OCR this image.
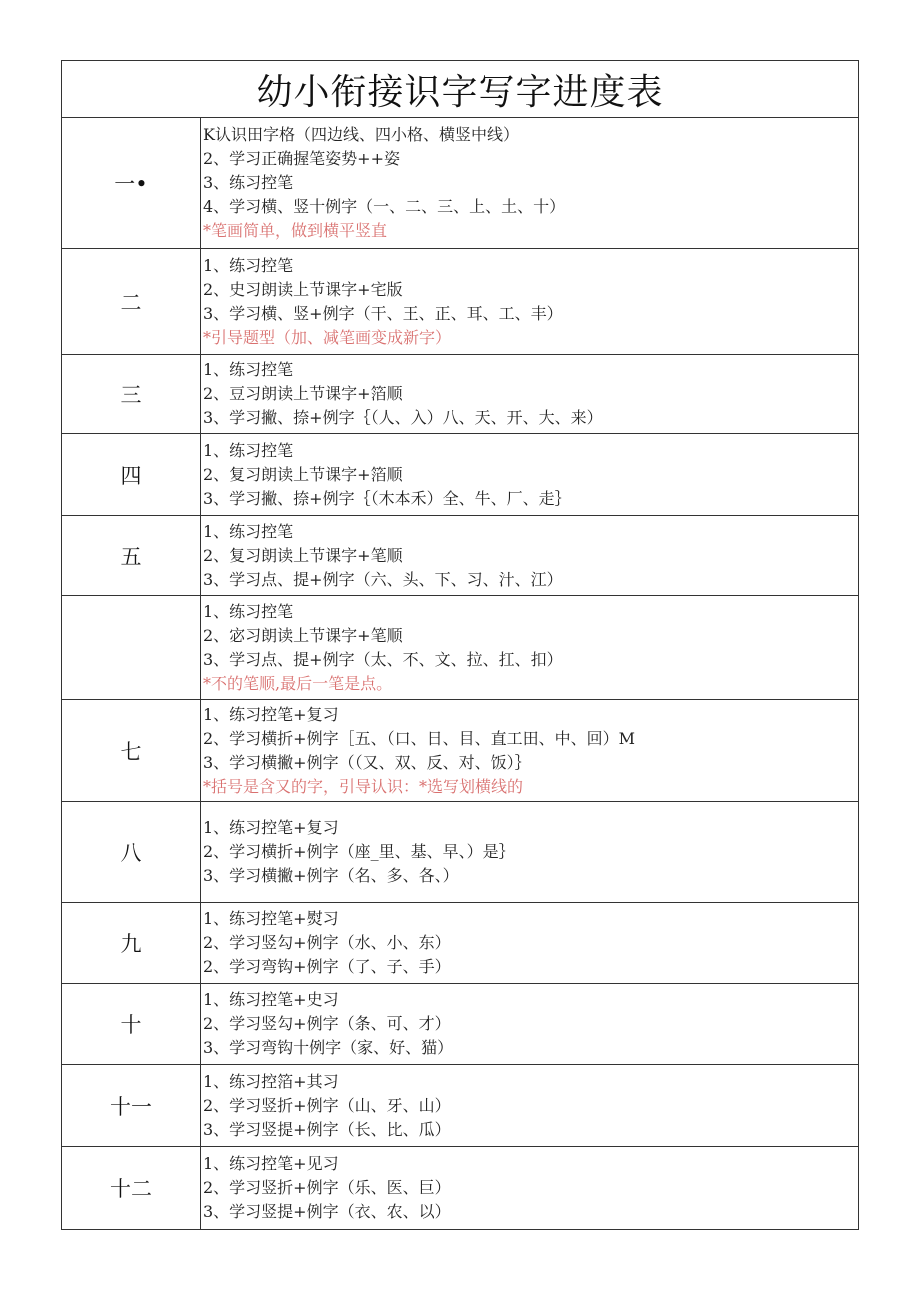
幼小衔接识字写字进度表
一•
K认识田字格（四边线、四小格、横竖中线）
2、学习正确握笔姿势++姿
3、练习控笔
4、学习横、竖十例字（一、二、三、上、土、十）
*笔画简单，做到横平竖直
二
1、练习控笔
2、史习朗读上节课字+宅版
3、学习横、竖+例字（干、王、正、耳、工、丰）
*引导题型（加、减笔画变成新字）
三
1、练习控笔
2、豆习朗读上节课字+箔顺
3、学习撇、捺+例字｛（人、入）八、天、开、大、来）
四
1、练习控笔
2、复习朗读上节课字+箔顺
3、学习撇、捺+例字｛（木本禾）全、牛、厂、走｝
五
1、练习控笔
2、复习朗读上节课字+笔顺
3、学习点、提+例字（六、头、下、习、汁、江）
1、练习控笔
2、宓习朗读上节课字+笔顺
3、学习点、提+例字（太、不、文、拉、扛、扣）
*不的笔顺,最后一笔是点。
七
1、练习控笔+复习
2、学习横折+例字［五、（口、日、目、直工田、中、回）M
3、学习横撇+例字（（又、双、反、对、饭）｝
*括号是含又的字，引导认识：*选写划横线的
八
1、练习控笔+复习
2、学习横折+例字（座_里、基、早、）是｝
3、学习横撇+例字（名、多、各、）
九
1、练习控笔+熨习
2、学习竖勾+例字（水、小、东）
2、学习弯钩+例字（了、子、手）
十
1、练习控笔+史习
2、学习竖勾+例字（条、可、才）
3、学习弯钩十例字（家、好、猫）
十一
1、练习控箔+其习
2、学习竖折+例字（山、牙、山）
3、学习竖提+例字（长、比、瓜）
十二
1、练习控笔+见习
2、学习竖折+例字（乐、医、巨）
3、学习竖提+例字（衣、农、以）
